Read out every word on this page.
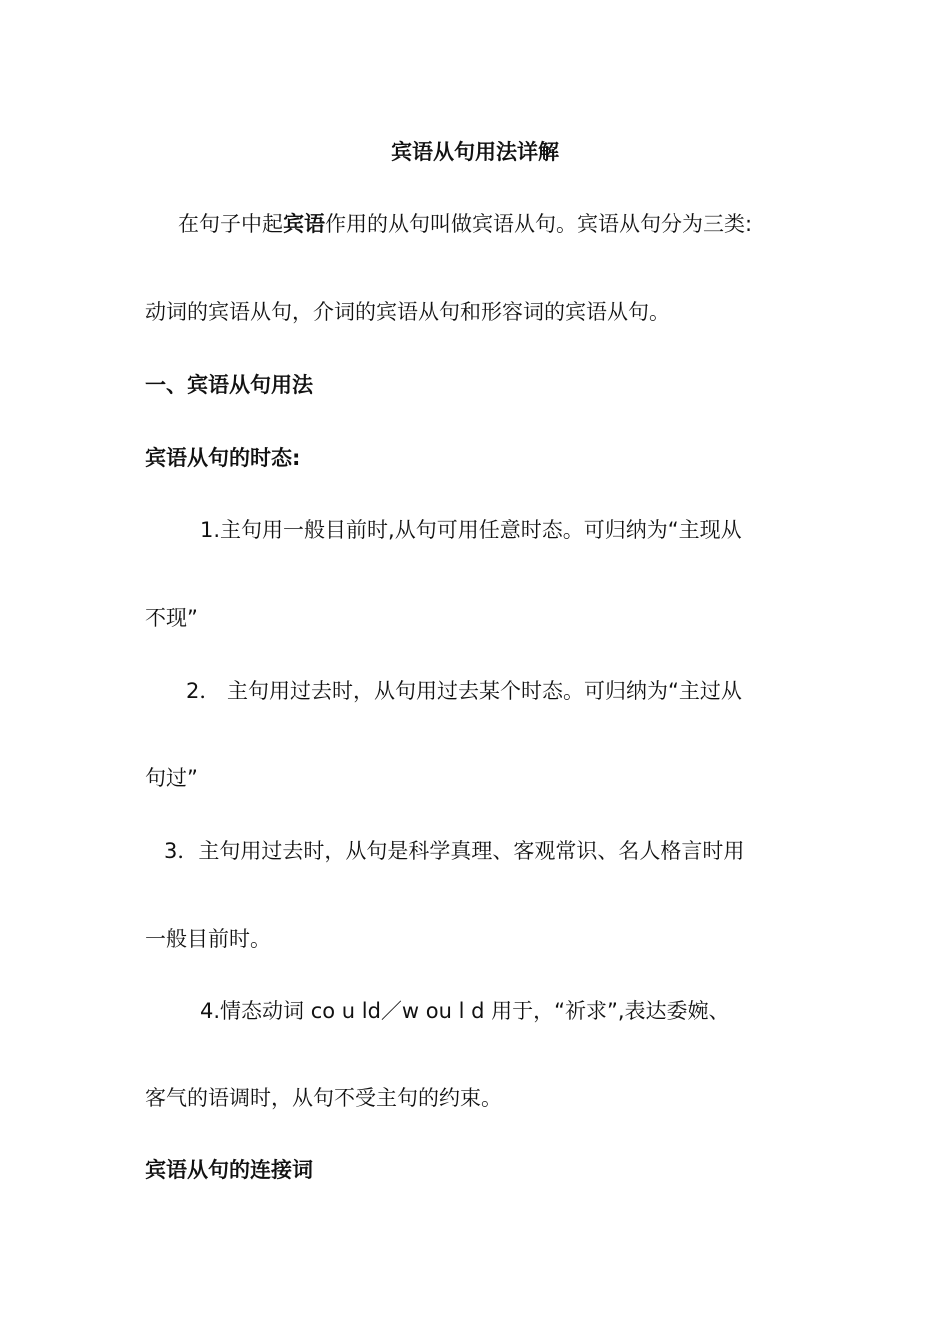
宾语从句用法详解
在句子中起宾语作用的从句叫做宾语从句。宾语从句分为三类:
动词的宾语从句，介词的宾语从句和形容词的宾语从句。
一、宾语从句用法
宾语从句的时态:
1.主句用一般目前时,从句可用任意时态。可归纳为“主现从
不现”
2． 主句用过去时，从句用过去某个时态。可归纳为“主过从
句过”
3．主句用过去时，从句是科学真理、客观常识、名人格言时用
一般目前时。
4.情态动词 co u ld／w ou l d 用于，“祈求”,表达委婉、
客气的语调时，从句不受主句的约束。
宾语从句的连接词
